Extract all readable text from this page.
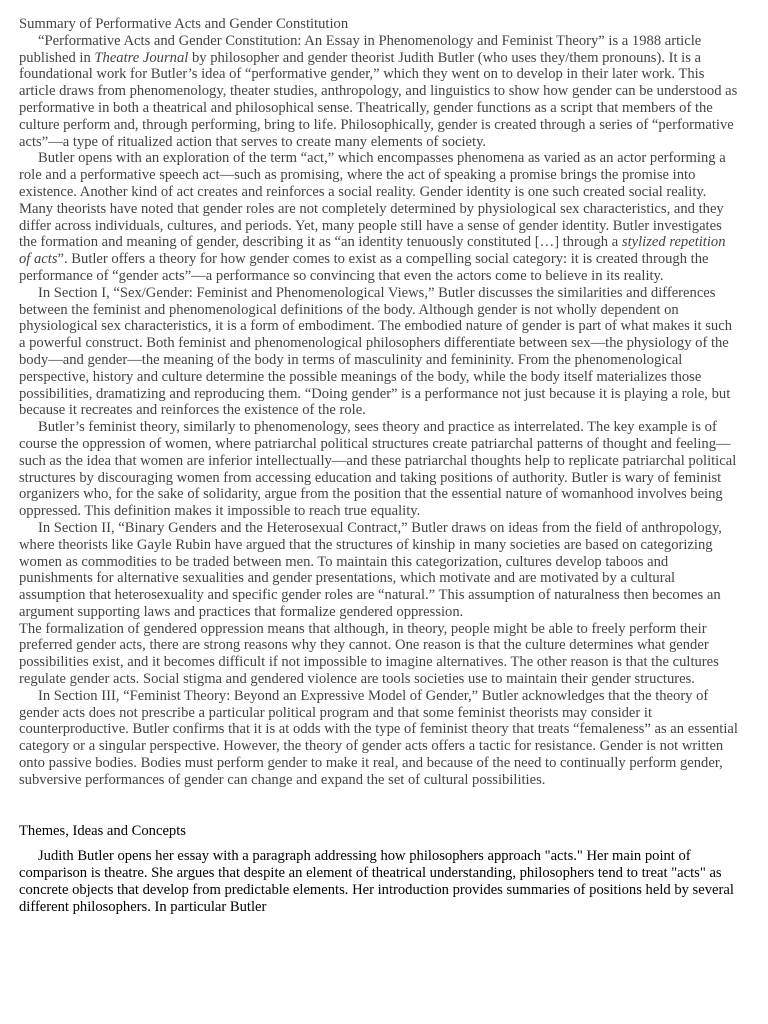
Summary of Performative Acts and Gender Constitution

“Performative Acts and Gender Constitution: An Essay in Phenomenology and Feminist Theory” is a 1988 article published in Theatre Journal by philosopher and gender theorist Judith Butler (who uses they/them pronouns). It is a foundational work for Butler’s idea of “performative gender,” which they went on to develop in their later work. This article draws from phenomenology, theater studies, anthropology, and linguistics to show how gender can be understood as performative in both a theatrical and philosophical sense. Theatrically, gender functions as a script that members of the culture perform and, through performing, bring to life. Philosophically, gender is created through a series of “performative acts”—a type of ritualized action that serves to create many elements of society.

Butler opens with an exploration of the term “act,” which encompasses phenomena as varied as an actor performing a role and a performative speech act—such as promising, where the act of speaking a promise brings the promise into existence. Another kind of act creates and reinforces a social reality. Gender identity is one such created social reality. Many theorists have noted that gender roles are not completely determined by physiological sex characteristics, and they differ across individuals, cultures, and periods. Yet, many people still have a sense of gender identity. Butler investigates the formation and meaning of gender, describing it as “an identity tenuously constituted […] through a stylized repetition of acts”. Butler offers a theory for how gender comes to exist as a compelling social category: it is created through the performance of “gender acts”—a performance so convincing that even the actors come to believe in its reality.

In Section I, “Sex/Gender: Feminist and Phenomenological Views,” Butler discusses the similarities and differences between the feminist and phenomenological definitions of the body. Although gender is not wholly dependent on physiological sex characteristics, it is a form of embodiment. The embodied nature of gender is part of what makes it such a powerful construct. Both feminist and phenomenological philosophers differentiate between sex—the physiology of the body—and gender—the meaning of the body in terms of masculinity and femininity. From the phenomenological perspective, history and culture determine the possible meanings of the body, while the body itself materializes those possibilities, dramatizing and reproducing them. “Doing gender” is a performance not just because it is playing a role, but because it recreates and reinforces the existence of the role.

Butler’s feminist theory, similarly to phenomenology, sees theory and practice as interrelated. The key example is of course the oppression of women, where patriarchal political structures create patriarchal patterns of thought and feeling—such as the idea that women are inferior intellectually—and these patriarchal thoughts help to replicate patriarchal political structures by discouraging women from accessing education and taking positions of authority. Butler is wary of feminist organizers who, for the sake of solidarity, argue from the position that the essential nature of womanhood involves being oppressed. This definition makes it impossible to reach true equality.

In Section II, “Binary Genders and the Heterosexual Contract,” Butler draws on ideas from the field of anthropology, where theorists like Gayle Rubin have argued that the structures of kinship in many societies are based on categorizing women as commodities to be traded between men. To maintain this categorization, cultures develop taboos and punishments for alternative sexualities and gender presentations, which motivate and are motivated by a cultural assumption that heterosexuality and specific gender roles are “natural.” This assumption of naturalness then becomes an argument supporting laws and practices that formalize gendered oppression.

The formalization of gendered oppression means that although, in theory, people might be able to freely perform their preferred gender acts, there are strong reasons why they cannot. One reason is that the culture determines what gender possibilities exist, and it becomes difficult if not impossible to imagine alternatives. The other reason is that the cultures regulate gender acts. Social stigma and gendered violence are tools societies use to maintain their gender structures.

In Section III, “Feminist Theory: Beyond an Expressive Model of Gender,” Butler acknowledges that the theory of gender acts does not prescribe a particular political program and that some feminist theorists may consider it counterproductive. Butler confirms that it is at odds with the type of feminist theory that treats “femaleness” as an essential category or a singular perspective. However, the theory of gender acts offers a tactic for resistance. Gender is not written onto passive bodies. Bodies must perform gender to make it real, and because of the need to continually perform gender, subversive performances of gender can change and expand the set of cultural possibilities.

Themes, Ideas and Concepts

Judith Butler opens her essay with a paragraph addressing how philosophers approach "acts." Her main point of comparison is theatre. She argues that despite an element of theatrical understanding, philosophers tend to treat "acts" as concrete objects that develop from predictable elements. Her introduction provides summaries of positions held by several different philosophers. In particular Butler
